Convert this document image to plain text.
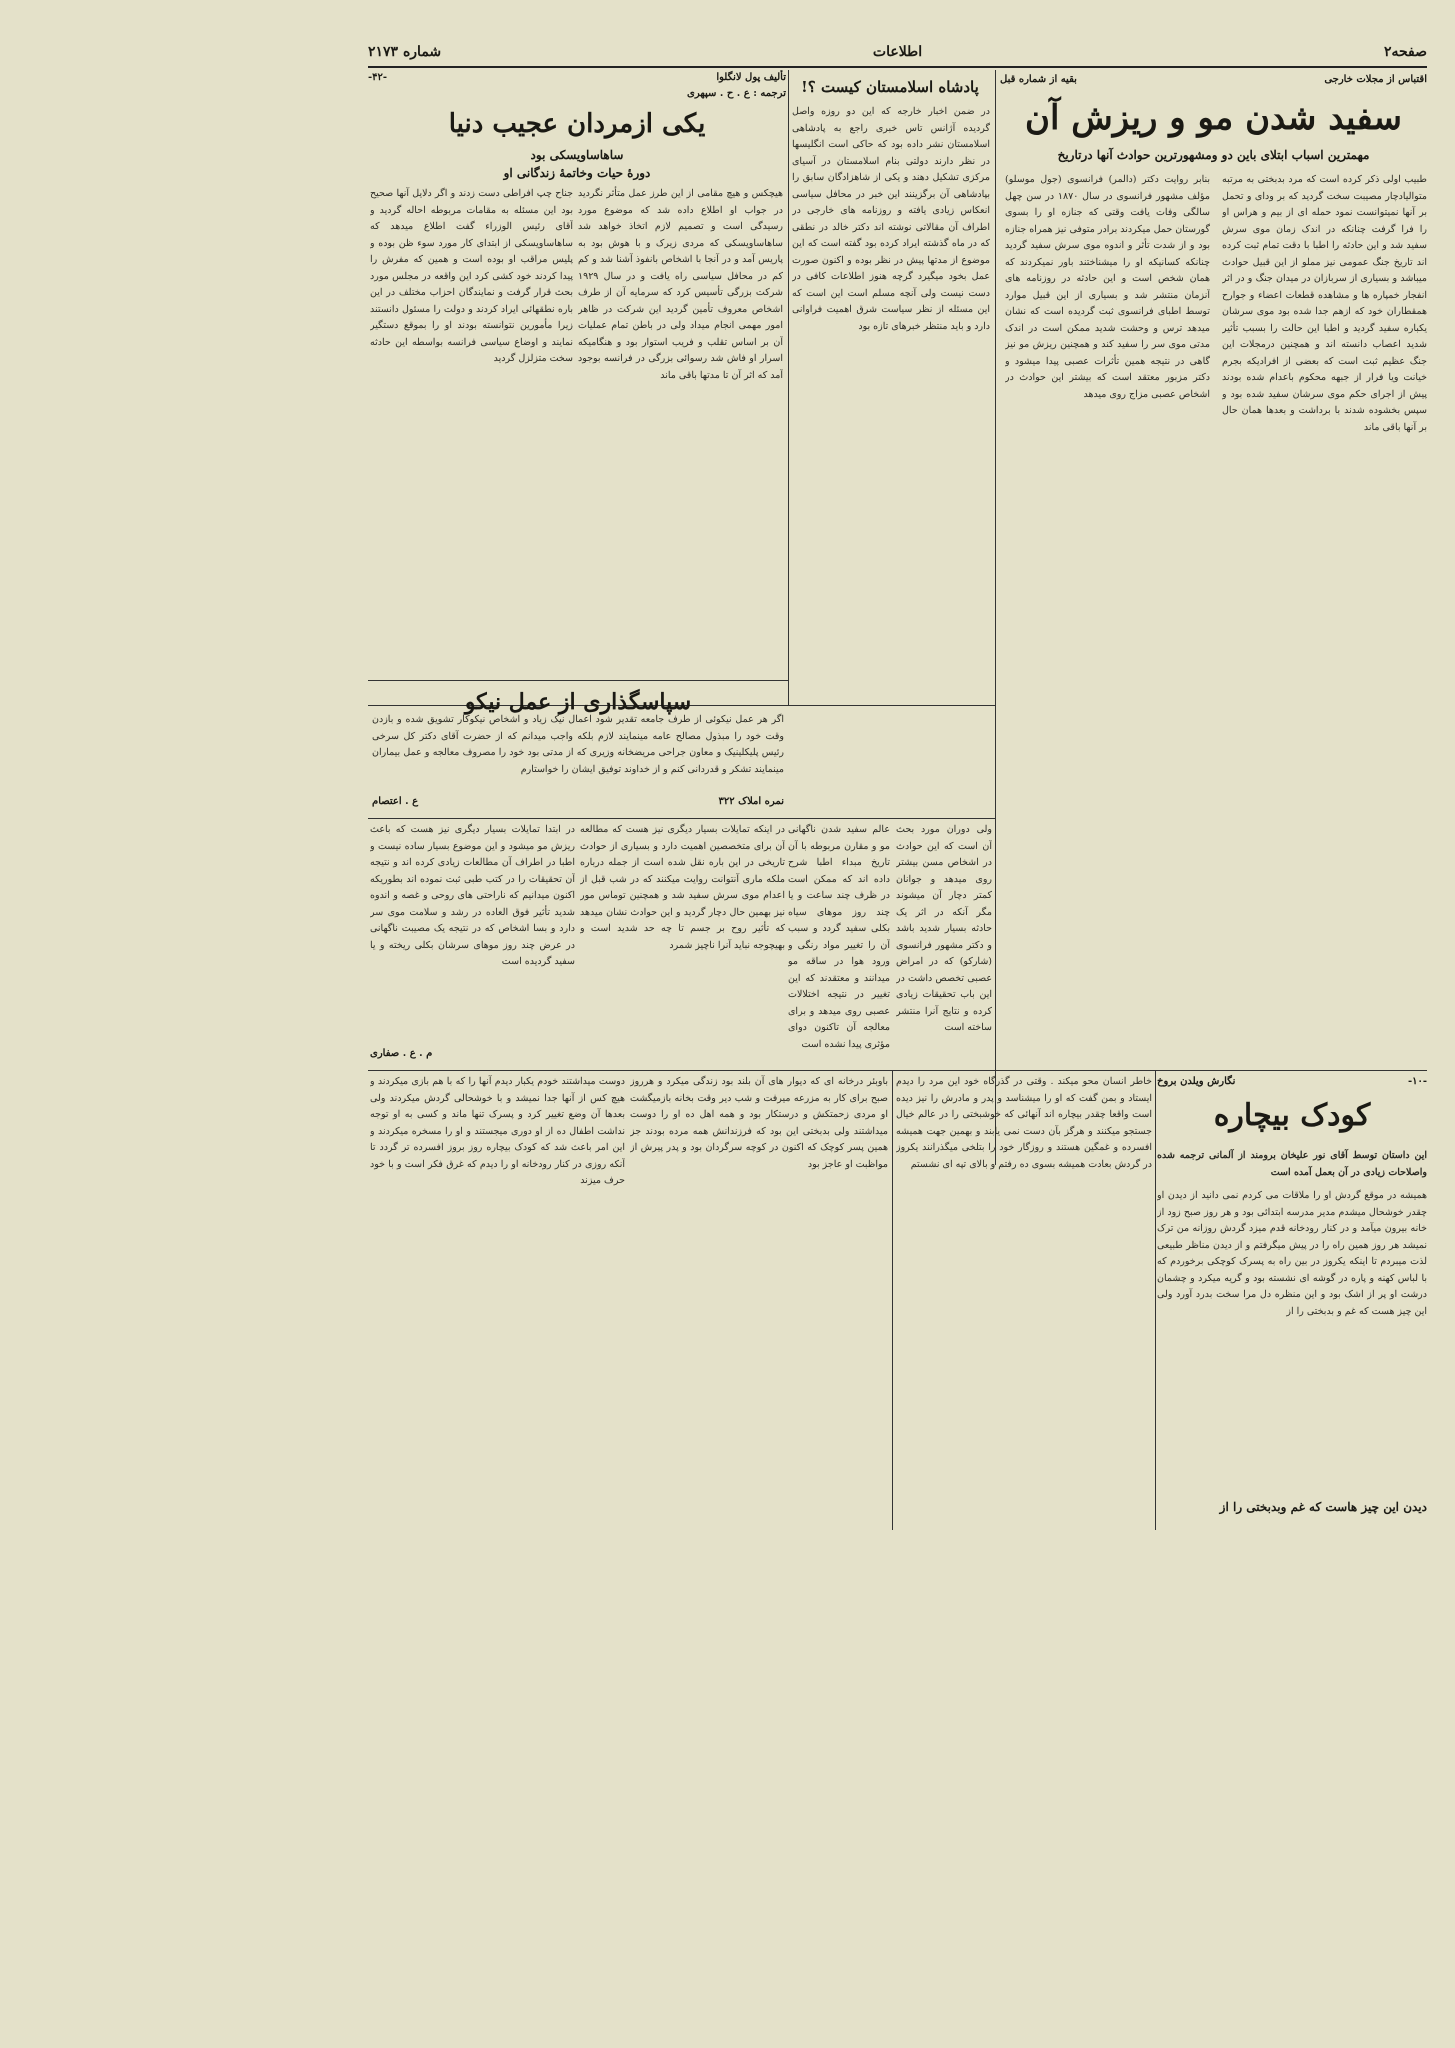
صفحه۲
اطلاعات
شماره ۲۱۷۳
اقتباس از مجلات خارجی
بقیه از شماره قبل
سفید شدن مو و ریزش آن
مهمترین اسباب ابتلای باین دو ومشهورترین حوادث آنها درتاریخ
طبیب اولی ذکر کرده است که مرد بدبختی به مرتبه متوالیادچار مصیبت سخت گردید که بر ودای و تحمل بر آنها نمیتوانست نمود حمله ای از بیم و هراس او را فرا گرفت چنانکه در اندک زمان موی سرش سفید شد و این حادثه را اطبا با دقت تمام ثبت کرده اند تاریخ جنگ عمومی نیز مملو از این قبیل حوادث میباشد و بسیاری از سربازان در میدان جنگ و در اثر انفجار خمپاره ها و مشاهده قطعات اعضاء و جوارح همقطاران خود که ازهم جدا شده بود موی سرشان یکباره سفید گردید و اطبا این حالت را بسبب تأثیر شدید اعصاب دانسته اند و همچنین درمجلات این جنگ عظیم ثبت است که بعضی از افرادیکه بجرم خیانت ویا فرار از جبهه محکوم باعدام شده بودند پیش از اجرای حکم موی سرشان سفید شده بود و سپس بخشوده شدند با برداشت و بعدها همان حال بر آنها باقی ماند
بنابر روایت دکتر (دالمر) فرانسوی (جول موسلو) مؤلف مشهور فرانسوی در سال ۱۸۷۰ در سن چهل سالگی وفات یافت وقتی که جنازه او را بسوی گورستان حمل میکردند برادر متوفی نیز همراه جنازه بود و از شدت تأثر و اندوه موی سرش سفید گردید چنانکه کسانیکه او را میشناختند باور نمیکردند که همان شخص است و این حادثه در روزنامه های آنزمان منتشر شد و بسیاری از این قبیل موارد توسط اطبای فرانسوی ثبت گردیده است که نشان میدهد ترس و وحشت شدید ممکن است در اندک مدتی موی سر را سفید کند و همچنین ریزش مو نیز گاهی در نتیجه همین تأثرات عصبی پیدا میشود و دکتر مزبور معتقد است که بیشتر این حوادث در اشخاص عصبی مزاج روی میدهد
پادشاه اسلامستان کیست ؟!
در ضمن اخبار خارجه که این دو روزه واصل گردیده آژانس تاس خبری راجع به پادشاهی اسلامستان نشر داده بود که حاکی است انگلیسها در نظر دارند دولتی بنام اسلامستان در آسیای مرکزی تشکیل دهند و یکی از شاهزادگان سابق را بپادشاهی آن برگزینند این خبر در محافل سیاسی انعکاس زیادی یافته و روزنامه های خارجی در اطراف آن مقالاتی نوشته اند دکتر خالد در نطقی که در ماه گذشته ایراد کرده بود گفته است که این موضوع از مدتها پیش در نظر بوده و اکنون صورت عمل بخود میگیرد گرچه هنوز اطلاعات کافی در دست نیست ولی آنچه مسلم است این است که این مسئله از نظر سیاست شرق اهمیت فراوانی دارد و باید منتظر خبرهای تازه بود
تألیف پول لانگلوا
ترجمه : ع . ح . سپهری
-۴۲-
یکی ازمردان عجیب دنیا
ساهاساویسکی بود
دورهٔ حیات وخاتمهٔ زندگانی او
هیچکس و هیچ مقامی از این طرز عمل متأثر نگردید در جواب او اطلاع داده شد که موضوع مورد رسیدگی است و تصمیم لازم اتخاذ خواهد شد ساهاساویسکی که مردی زیرک و با هوش بود به پاریس آمد و در آنجا با اشخاص بانفوذ آشنا شد و کم کم در محافل سیاسی راه یافت و در سال ۱۹۲۹ شرکت بزرگی تأسیس کرد که سرمایه آن از طرف اشخاص معروف تأمین گردید این شرکت در ظاهر امور مهمی انجام میداد ولی در باطن تمام عملیات آن بر اساس تقلب و فریب استوار بود و هنگامیکه اسرار او فاش شد رسوائی بزرگی در فرانسه بوجود آمد که اثر آن تا مدتها باقی ماند
جناح چپ افراطی دست زدند و اگر دلایل آنها صحیح بود این مسئله به مقامات مربوطه احاله گردید و آقای رئیس الوزراء گفت اطلاع میدهد که ساهاساویسکی از ابتدای کار مورد سوء ظن بوده و پلیس مراقب او بوده است و همین که مفرش را پیدا کردند خود کشی کرد این واقعه در مجلس مورد بحث قرار گرفت و نمایندگان احزاب مختلف در این باره نطقهائی ایراد کردند و دولت را مسئول دانستند زیرا مأمورین نتوانسته بودند او را بموقع دستگیر نمایند و اوضاع سیاسی فرانسه بواسطه این حادثه سخت متزلزل گردید
سپاسگذاری از عمل نیکو
اگر هر عمل نیکوئی از طرف جامعه تقدیر شود اعمال نیک زیاد و اشخاص نیکوکار تشویق شده و بازدن وقت خود را مبذول مصالح عامه مینمایند لازم بلکه واجب میدانم که از حضرت آقای دکتر کل سرخی رئیس پلیکلینیک و معاون جراحی مریضخانه وزیری که از مدتی بود خود را مصروف معالجه و عمل بیماران مینمایند تشکر و قدردانی کنم و از خداوند توفیق ایشان را خواستارم
نمره املاک ۳۲۲
ع . اعتصام
ولی دوران مورد بحث آن است که این حوادث در اشخاص مسن بیشتر روی میدهد و جوانان کمتر دچار آن میشوند مگر آنکه در اثر یک حادثه بسیار شدید باشد و دکتر مشهور فرانسوی (شارکو) که در امراض عصبی تخصص داشت در این باب تحقیقات زیادی کرده و نتایج آنرا منتشر ساخته است
عالم سفید شدن ناگهانی مو و مقارن مربوطه با آن تاریخ مبداء اطبا شرح داده اند که ممکن است در ظرف چند ساعت و یا چند روز موهای سیاه بکلی سفید گردد و سبب آن را تغییر مواد رنگی و ورود هوا در ساقه مو میدانند و معتقدند که این تغییر در نتیجه اختلالات عصبی روی میدهد و برای معالجه آن تاکنون دوای مؤثری پیدا نشده است
در اینکه تمایلات بسیار دیگری نیز هست که مطالعه آن برای متخصصین اهمیت دارد و بسیاری از حوادث تاریخی در این باره نقل شده است از جمله درباره ملکه ماری آنتوانت روایت میکنند که در شب قبل از اعدام موی سرش سفید شد و همچنین توماس مور نیز بهمین حال دچار گردید و این حوادث نشان میدهد که تأثیر روح بر جسم تا چه حد شدید است و بهیچوجه نباید آنرا ناچیز شمرد
در ابتدا تمایلات بسیار دیگری نیز هست که باعث ریزش مو میشود و این موضوع بسیار ساده نیست و اطبا در اطراف آن مطالعات زیادی کرده اند و نتیجه آن تحقیقات را در کتب طبی ثبت نموده اند بطوریکه اکنون میدانیم که ناراحتی های روحی و غصه و اندوه شدید تأثیر فوق العاده در رشد و سلامت موی سر دارد و بسا اشخاص که در نتیجه یک مصیبت ناگهانی در عرض چند روز موهای سرشان بکلی ریخته و یا سفید گردیده است
م . ع . صفاری
-۱۰-
نگارش ویلدن بروخ
کودک بیچاره
این داستان توسط آقای نور علیخان برومند از آلمانی ترجمه شده واصلاحات زیادی در آن بعمل آمده است
همیشه در موقع گردش او را ملاقات می کردم نمی دانید از دیدن او چقدر خوشحال میشدم مدیر مدرسه ابتدائی بود و هر روز صبح زود از خانه بیرون میآمد و در کنار رودخانه قدم میزد گردش روزانه من ترک نمیشد هر روز همین راه را در پیش میگرفتم و از دیدن مناظر طبیعی لذت میبردم تا اینکه یکروز در بین راه به پسرک کوچکی برخوردم که با لباس کهنه و پاره در گوشه ای نشسته بود و گریه میکرد و چشمان درشت او پر از اشک بود و این منظره دل مرا سخت بدرد آورد ولی این چیز هست که غم و بدبختی را از
خاطر انسان محو میکند . وقتی در گذرگاه خود این مرد را دیدم ایستاد و بمن گفت که او را میشناسد و پدر و مادرش را نیز دیده است واقعا چقدر بیچاره اند آنهائی که خوشبختی را در عالم خیال جستجو میکنند و هرگز بآن دست نمی یابند و بهمین جهت همیشه افسرده و غمگین هستند و روزگار خود را بتلخی میگذرانند یکروز در گردش بعادت همیشه بسوی ده رفتم و بالای تپه ای نشستم
باوبئر درخانه ای که دیوار های آن بلند بود زندگی میکرد و هرروز صبح برای کار به مزرعه میرفت و شب دیر وقت بخانه بازمیگشت او مردی زحمتکش و درستکار بود و همه اهل ده او را دوست میداشتند ولی بدبختی این بود که فرزندانش همه مرده بودند جز همین پسر کوچک که اکنون در کوچه سرگردان بود و پدر پیرش از مواظبت او عاجز بود
دوست میداشتند خودم یکبار دیدم آنها را که با هم بازی میکردند و هیچ کس از آنها جدا نمیشد و با خوشحالی گردش میکردند ولی بعدها آن وضع تغییر کرد و پسرک تنها ماند و کسی به او توجه نداشت اطفال ده از او دوری میجستند و او را مسخره میکردند و این امر باعث شد که کودک بیچاره روز بروز افسرده تر گردد تا آنکه روزی در کنار رودخانه او را دیدم که غرق فکر است و با خود حرف میزند
دیدن این چیز هاست که غم وبدبختی را از
